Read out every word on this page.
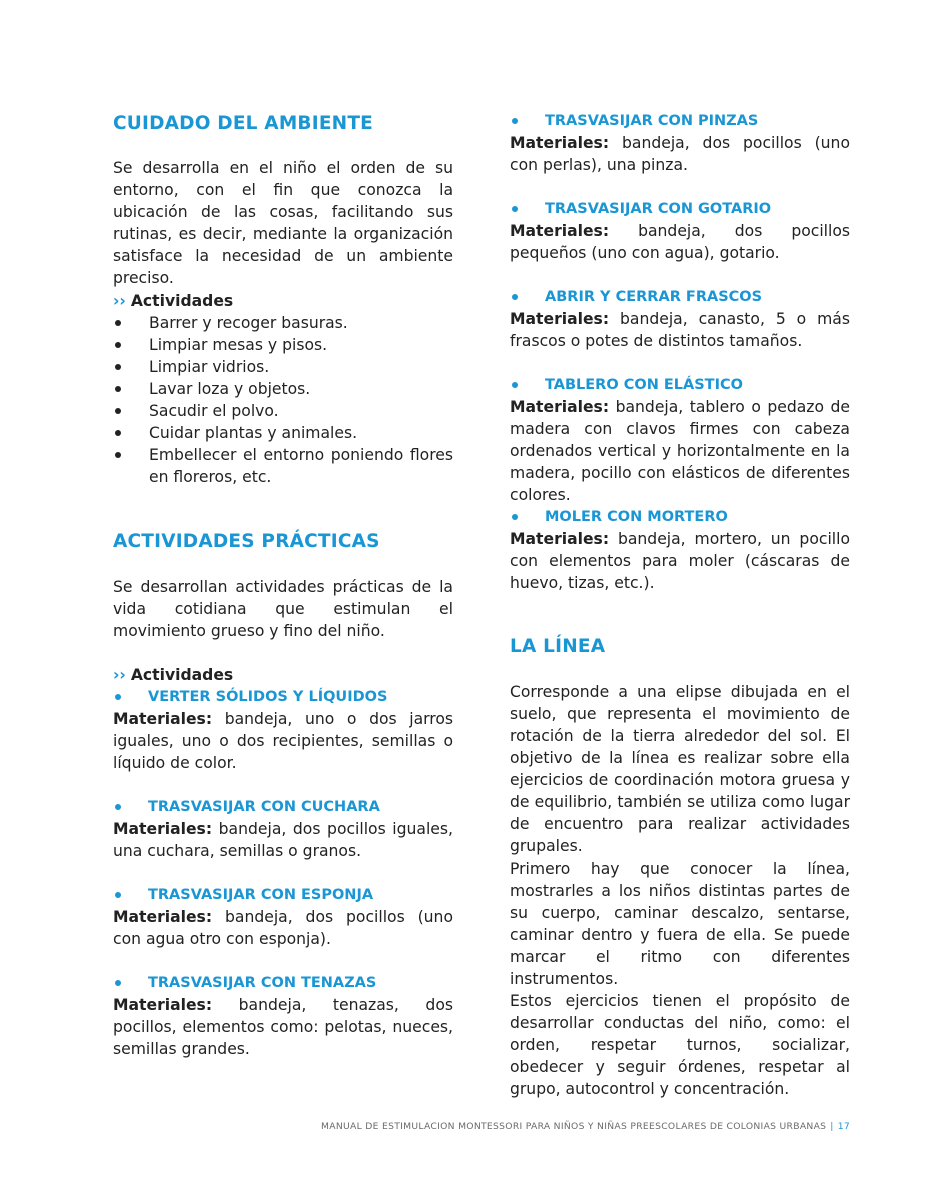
CUIDADO DEL AMBIENTE

Se desarrolla en el niño el orden de su entorno, con el fin que conozca la ubicación de las cosas, facilitando sus rutinas, es decir, mediante la organización satisface la necesidad de un ambiente preciso.

›› Actividades
Barrer y recoger basuras.
Limpiar mesas y pisos.
Limpiar vidrios.
Lavar loza y objetos.
Sacudir el polvo.
Cuidar plantas y animales.
Embellecer el entorno poniendo flores en floreros, etc.
ACTIVIDADES PRÁCTICAS

Se desarrollan actividades prácticas de la vida cotidiana que estimulan el movimiento grueso y fino del niño.

›› Actividades
VERTER SÓLIDOS Y LÍQUIDOS
Materiales: bandeja, uno o dos jarros iguales, uno o dos recipientes, semillas o líquido de color.
TRASVASIJAR CON CUCHARA
Materiales: bandeja, dos pocillos iguales, una cuchara, semillas o granos.
TRASVASIJAR CON ESPONJA
Materiales: bandeja, dos pocillos (uno con agua otro con esponja).
TRASVASIJAR CON TENAZAS
Materiales: bandeja, tenazas, dos pocillos, elementos como: pelotas, nueces, semillas grandes.
TRASVASIJAR CON PINZAS
Materiales: bandeja, dos pocillos (uno con perlas), una pinza.
TRASVASIJAR CON GOTARIO
Materiales: bandeja, dos pocillos pequeños (uno con agua), gotario.
ABRIR Y CERRAR FRASCOS
Materiales: bandeja, canasto, 5 o más frascos o potes de distintos tamaños.
TABLERO CON ELÁSTICO
Materiales: bandeja, tablero o pedazo de madera con clavos firmes con cabeza ordenados vertical y horizontalmente en la madera, pocillo con elásticos de diferentes colores.
MOLER CON MORTERO
Materiales: bandeja, mortero, un pocillo con elementos para moler (cáscaras de huevo, tizas, etc.).
LA LÍNEA

Corresponde a una elipse dibujada en el suelo, que representa el movimiento de rotación de la tierra alrededor del sol. El objetivo de la línea es realizar sobre ella ejercicios de coordinación motora gruesa y de equilibrio, también se utiliza como lugar de encuentro para realizar actividades grupales.

Primero hay que conocer la línea, mostrarles a los niños distintas partes de su cuerpo, caminar descalzo, sentarse, caminar dentro y fuera de ella. Se puede marcar el ritmo con diferentes instrumentos.

Estos ejercicios tienen el propósito de desarrollar conductas del niño, como: el orden, respetar turnos, socializar, obedecer y seguir órdenes, respetar al grupo, autocontrol y concentración.

MANUAL DE ESTIMULACION MONTESSORI PARA NIÑOS Y NIÑAS PREESCOLARES DE COLONIAS URBANAS | 17
